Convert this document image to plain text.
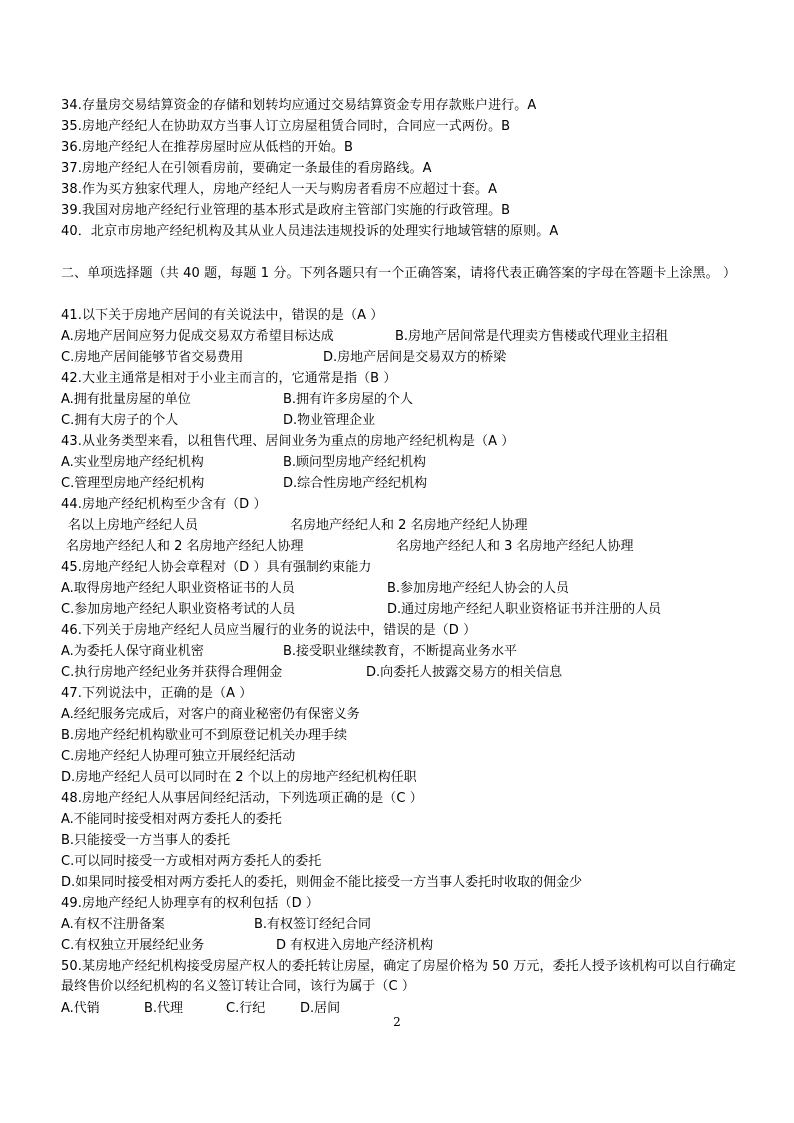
34.存量房交易结算资金的存储和划转均应通过交易结算资金专用存款账户进行。A
35.房地产经纪人在协助双方当事人订立房屋租赁合同时，合同应一式两份。B
36.房地产经纪人在推荐房屋时应从低档的开始。B
37.房地产经纪人在引领看房前，要确定一条最佳的看房路线。A
38.作为买方独家代理人，房地产经纪人一天与购房者看房不应超过十套。A
39.我国对房地产经纪行业管理的基本形式是政府主管部门实施的行政管理。B
40．北京市房地产经纪机构及其从业人员违法违规投诉的处理实行地域管辖的原则。A
二、单项选择题（共 40 题，每题 1 分。下列各题只有一个正确答案，请将代表正确答案的字母在答题卡上涂黑。 ）
41.以下关于房地产居间的有关说法中，错误的是（A ）
A.房地产居间应努力促成交易双方希望目标达成	B.房地产居间常是代理卖方售楼或代理业主招租
C.房地产居间能够节省交易费用	D.房地产居间是交易双方的桥梁
42.大业主通常是相对于小业主而言的，它通常是指（B ）
A.拥有批量房屋的单位	B.拥有许多房屋的个人
C.拥有大房子的个人	D.物业管理企业
43.从业务类型来看，以租售代理、居间业务为重点的房地产经纪机构是（A ）
A.实业型房地产经纪机构	B.顾问型房地产经纪机构
C.管理型房地产经纪机构	D.综合性房地产经纪机构
44.房地产经纪机构至少含有（D ）
名以上房地产经纪人员	名房地产经纪人和 2 名房地产经纪人协理
名房地产经纪人和 2 名房地产经纪人协理	名房地产经纪人和 3 名房地产经纪人协理
45.房地产经纪人协会章程对（D ）具有强制约束能力
A.取得房地产经纪人职业资格证书的人员	B.参加房地产经纪人协会的人员
C.参加房地产经纪人职业资格考试的人员	D.通过房地产经纪人职业资格证书并注册的人员
46.下列关于房地产经纪人员应当履行的业务的说法中，错误的是（D ）
A.为委托人保守商业机密	B.接受职业继续教育，不断提高业务水平
C.执行房地产经纪业务并获得合理佣金	D.向委托人披露交易方的相关信息
47.下列说法中，正确的是（A ）
A.经纪服务完成后，对客户的商业秘密仍有保密义务
B.房地产经纪机构歇业可不到原登记机关办理手续
C.房地产经纪人协理可独立开展经纪活动
D.房地产经纪人员可以同时在 2 个以上的房地产经纪机构任职
48.房地产经纪人从事居间经纪活动，下列选项正确的是（C ）
A.不能同时接受相对两方委托人的委托
B.只能接受一方当事人的委托
C.可以同时接受一方或相对两方委托人的委托
D.如果同时接受相对两方委托人的委托，则佣金不能比接受一方当事人委托时收取的佣金少
49.房地产经纪人协理享有的权利包括（D ）
A.有权不注册备案	B.有权签订经纪合同
C.有权独立开展经纪业务	D 有权进入房地产经济机构
50.某房地产经纪机构接受房屋产权人的委托转让房屋，确定了房屋价格为 50 万元，委托人授予该机构可以自行确定最终售价以经纪机构的名义签订转让合同，该行为属于（C ）
A.代销	B.代理	C.行纪	D.居间
2
